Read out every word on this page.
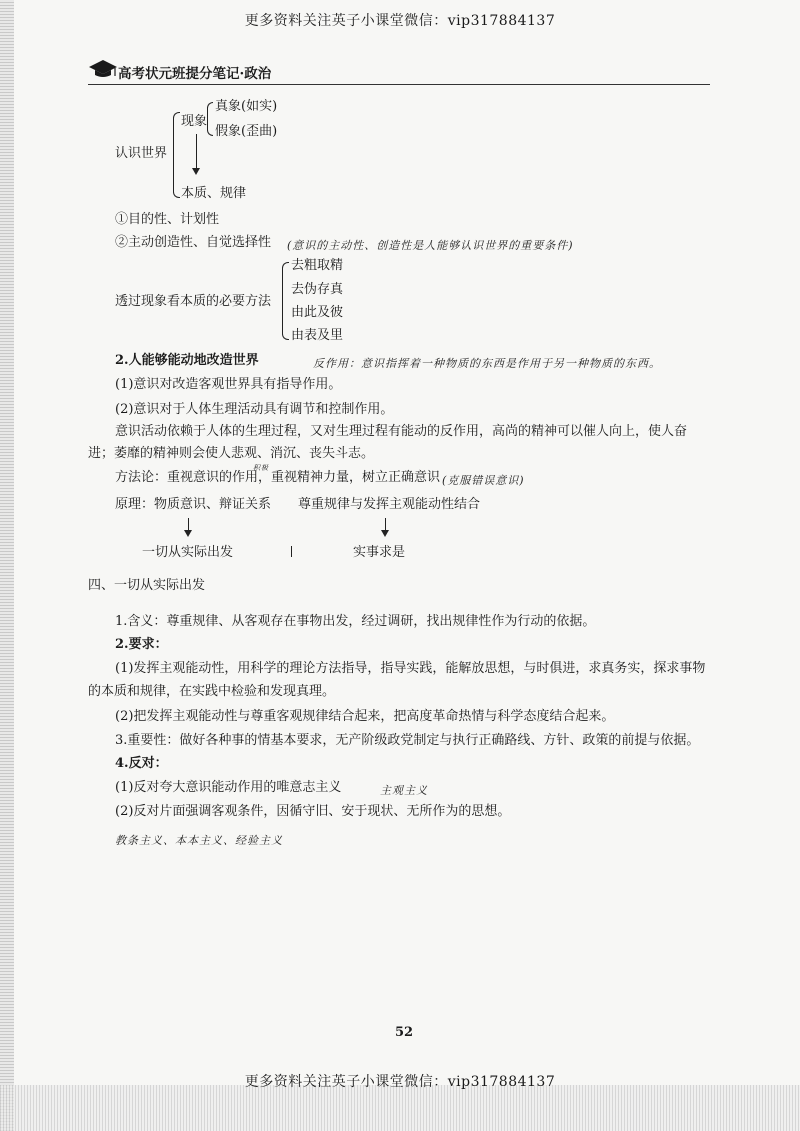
更多资料关注英子小课堂微信：vip317884137
高考状元班提分笔记·政治
认识世界
现象
真象(如实)
假象(歪曲)
本质、规律
①目的性、计划性
②主动创造性、自觉选择性 (意识的主动性、创造性是人能够认识世界的重要条件)
透过现象看本质的必要方法
去粗取精
去伪存真
由此及彼
由表及里
2.人能够能动地改造世界	反作用：意识指挥着一种物质的东西是作用于另一种物质的东西。
(1)意识对改造客观世界具有指导作用。
(2)意识对于人体生理活动具有调节和控制作用。
意识活动依赖于人体的生理过程，又对生理过程有能动的反作用，高尚的精神可以催人向上，使人奋
进；萎靡的精神则会使人悲观、消沉、丧失斗志。
积极
方法论：重视意识的作用，重视精神力量，树立正确意识 (克服错误意识)
原理：物质意识、辩证关系 尊重规律与发挥主观能动性结合
一切从实际出发	实事求是
四、一切从实际出发
1.含义：尊重规律、从客观存在事物出发，经过调研，找出规律性作为行动的依据。
2.要求：
(1)发挥主观能动性，用科学的理论方法指导，指导实践，能解放思想，与时俱进，求真务实，探求事物
的本质和规律，在实践中检验和发现真理。
(2)把发挥主观能动性与尊重客观规律结合起来，把高度革命热情与科学态度结合起来。
3.重要性：做好各种事的情基本要求，无产阶级政党制定与执行正确路线、方针、政策的前提与依据。
4.反对：
(1)反对夸大意识能动作用的唯意志主义	主观主义
(2)反对片面强调客观条件，因循守旧、安于现状、无所作为的思想。
教条主义、本本主义、经验主义
52
更多资料关注英子小课堂微信：vip317884137
